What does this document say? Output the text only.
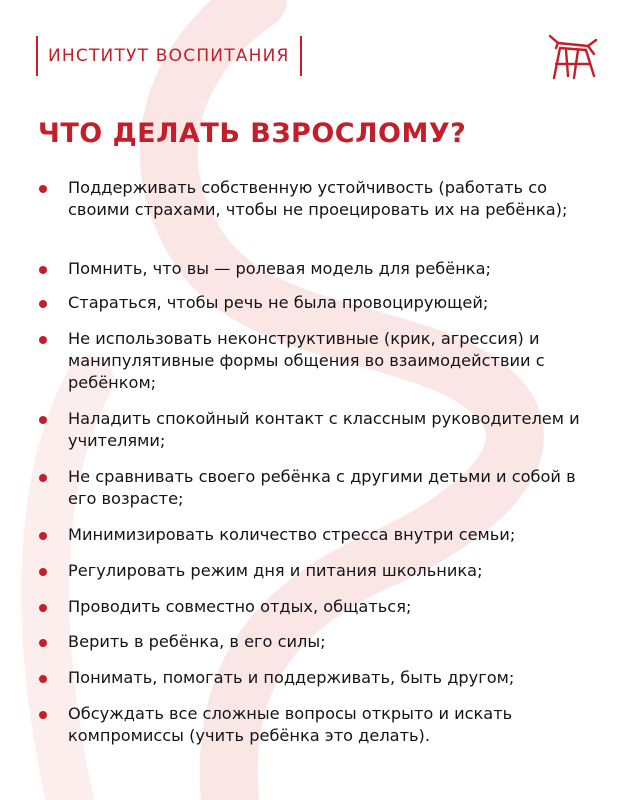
ИНСТИТУТ ВОСПИТАНИЯ
ЧТО ДЕЛАТЬ ВЗРОСЛОМУ?
Поддерживать собственную устойчивость (работать со своими страхами, чтобы не проецировать их на ребёнка);
Помнить, что вы — ролевая модель для ребёнка;
Стараться, чтобы речь не была провоцирующей;
Не использовать неконструктивные (крик, агрессия) и манипулятивные формы общения во взаимодействии с ребёнком;
Наладить спокойный контакт с классным руководителем и учителями;
Не сравнивать своего ребёнка с другими детьми и собой в его возрасте;
Минимизировать количество стресса внутри семьи;
Регулировать режим дня и питания школьника;
Проводить совместно отдых, общаться;
Верить в ребёнка, в его силы;
Понимать, помогать и поддерживать, быть другом;
Обсуждать все сложные вопросы открыто и искать компромиссы (учить ребёнка это делать).
